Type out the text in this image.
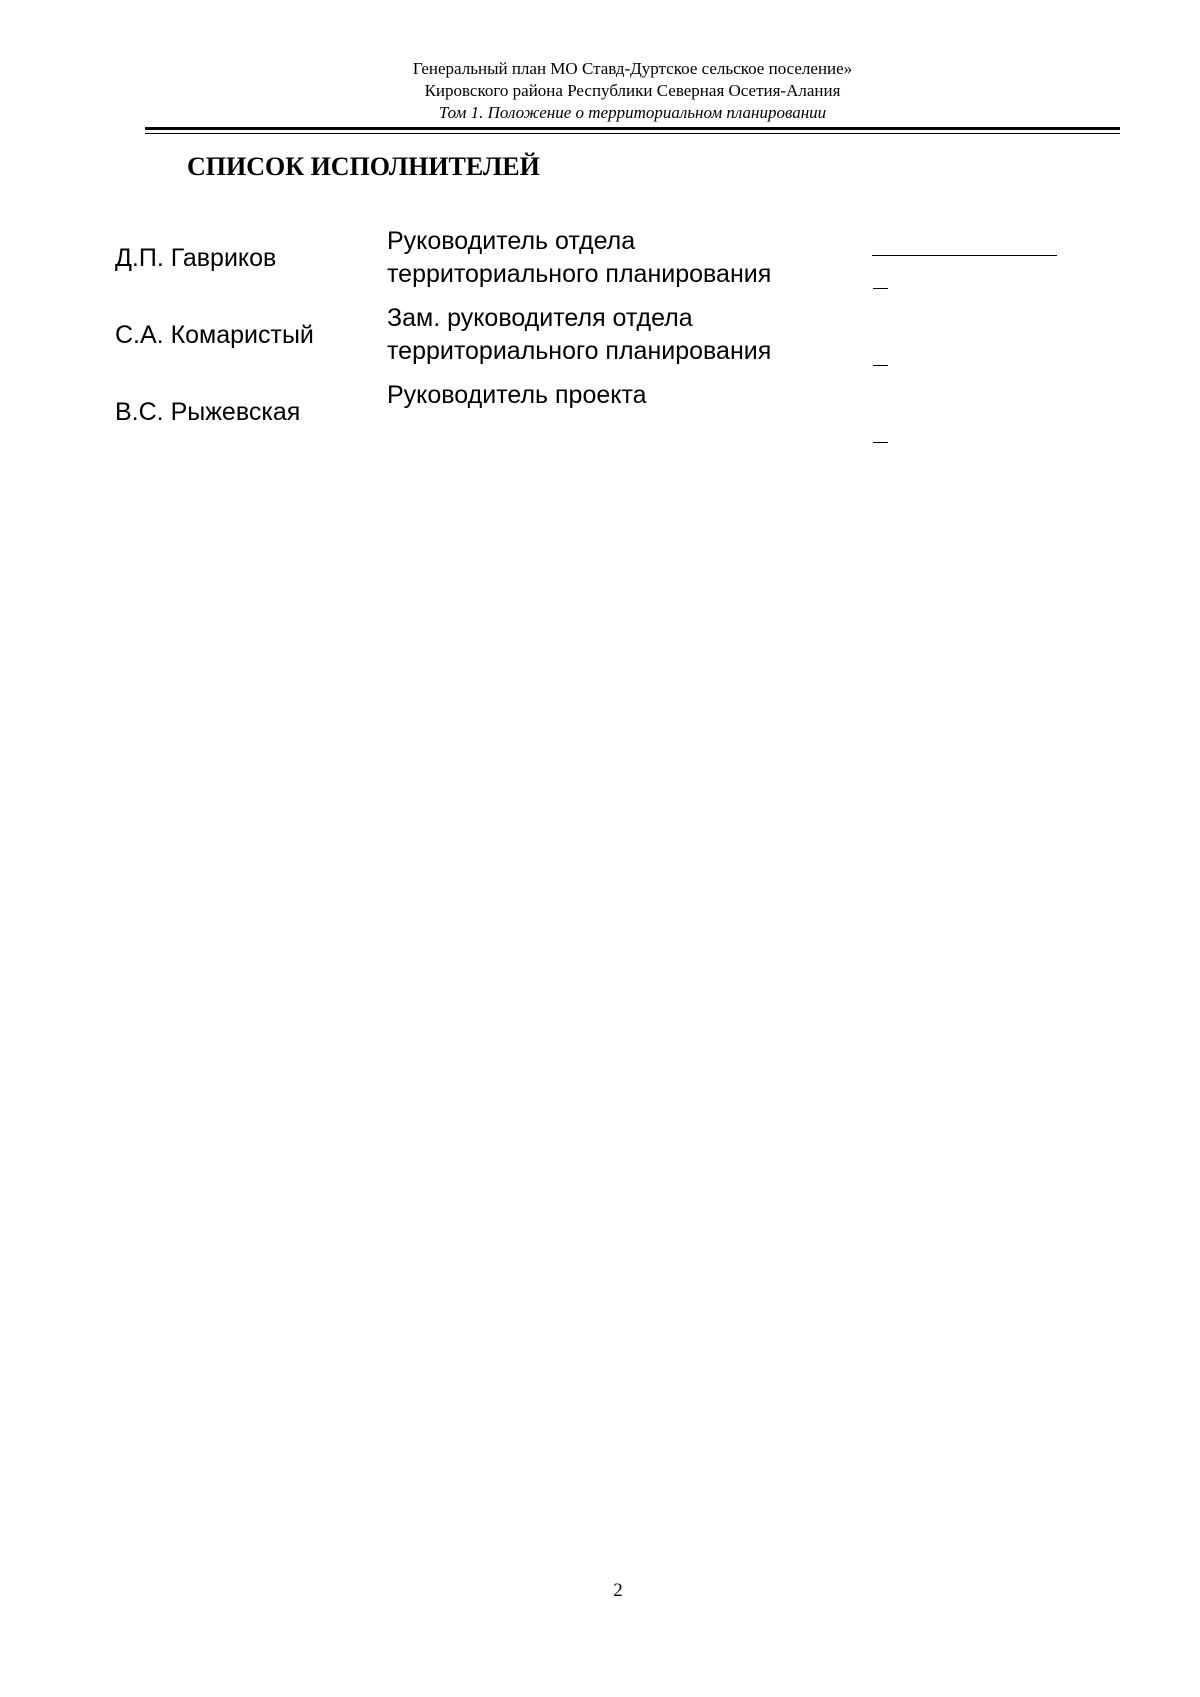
Генеральный план МО Ставд-Дуртское сельское поселение»
Кировского района Республики Северная Осетия-Алания
Том 1. Положение о территориальном планировании
СПИСОК ИСПОЛНИТЕЛЕЙ
Д.П. Гавриков
Руководитель отдела
территориального планирования
С.А. Комаристый
Зам. руководителя отдела
территориального планирования
В.С. Рыжевская
Руководитель проекта
2
